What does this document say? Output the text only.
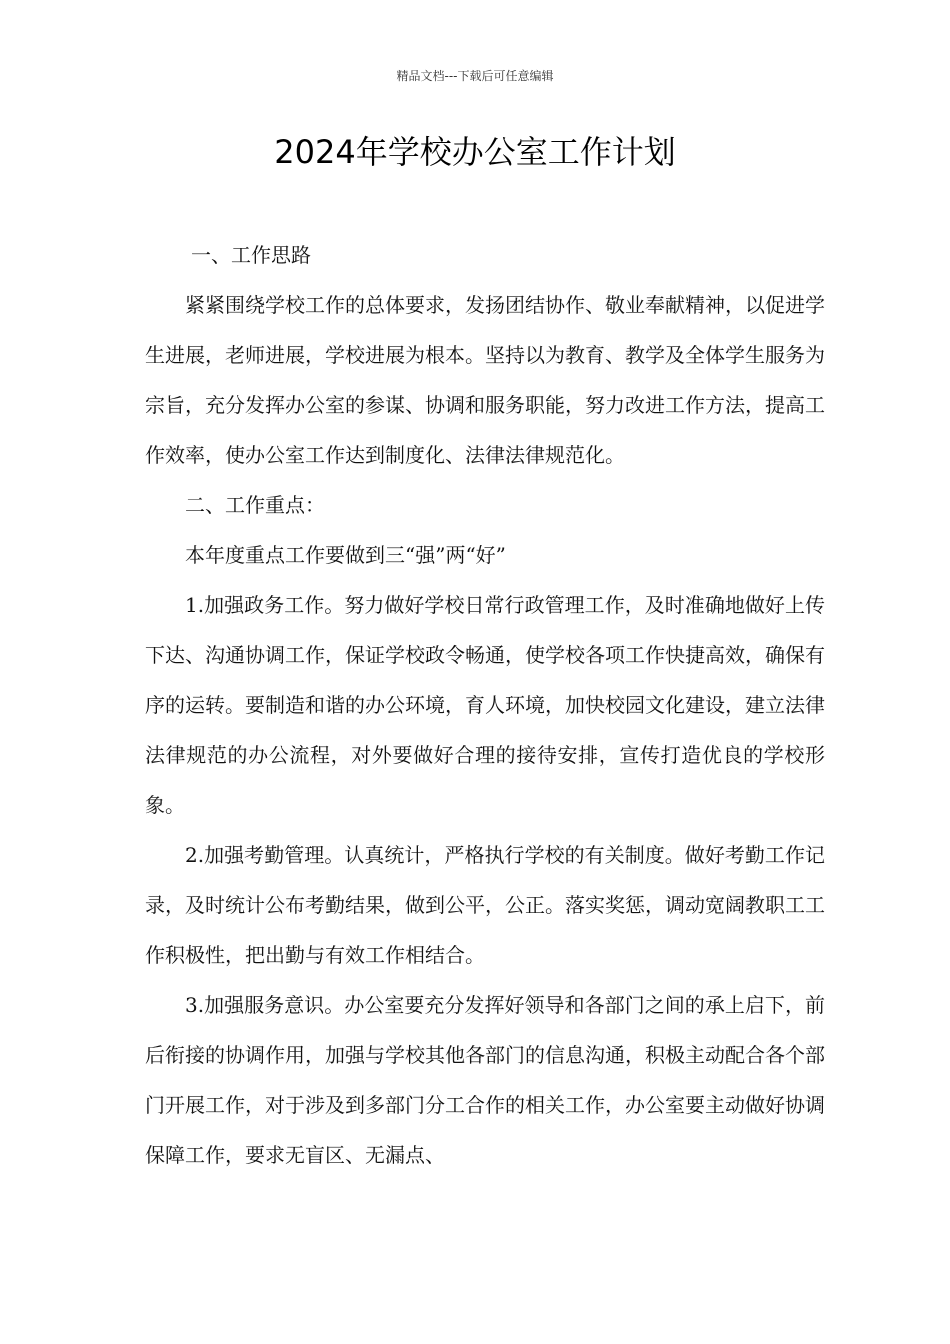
精品文档---下载后可任意编辑
2024年学校办公室工作计划

一、工作思路

紧紧围绕学校工作的总体要求，发扬团结协作、敬业奉献精神，以促进学生进展，老师进展，学校进展为根本。坚持以为教育、教学及全体学生服务为宗旨，充分发挥办公室的参谋、协调和服务职能，努力改进工作方法，提高工作效率，使办公室工作达到制度化、法律法律规范化。

二、工作重点：

本年度重点工作要做到三“强”两“好”

1.加强政务工作。努力做好学校日常行政管理工作，及时准确地做好上传下达、沟通协调工作，保证学校政令畅通，使学校各项工作快捷高效，确保有序的运转。要制造和谐的办公环境，育人环境，加快校园文化建设，建立法律法律规范的办公流程，对外要做好合理的接待安排，宣传打造优良的学校形象。

2.加强考勤管理。认真统计，严格执行学校的有关制度。做好考勤工作记录，及时统计公布考勤结果，做到公平，公正。落实奖惩，调动宽阔教职工工作积极性，把出勤与有效工作相结合。

3.加强服务意识。办公室要充分发挥好领导和各部门之间的承上启下，前后衔接的协调作用，加强与学校其他各部门的信息沟通，积极主动配合各个部门开展工作，对于涉及到多部门分工合作的相关工作，办公室要主动做好协调保障工作，要求无盲区、无漏点、
